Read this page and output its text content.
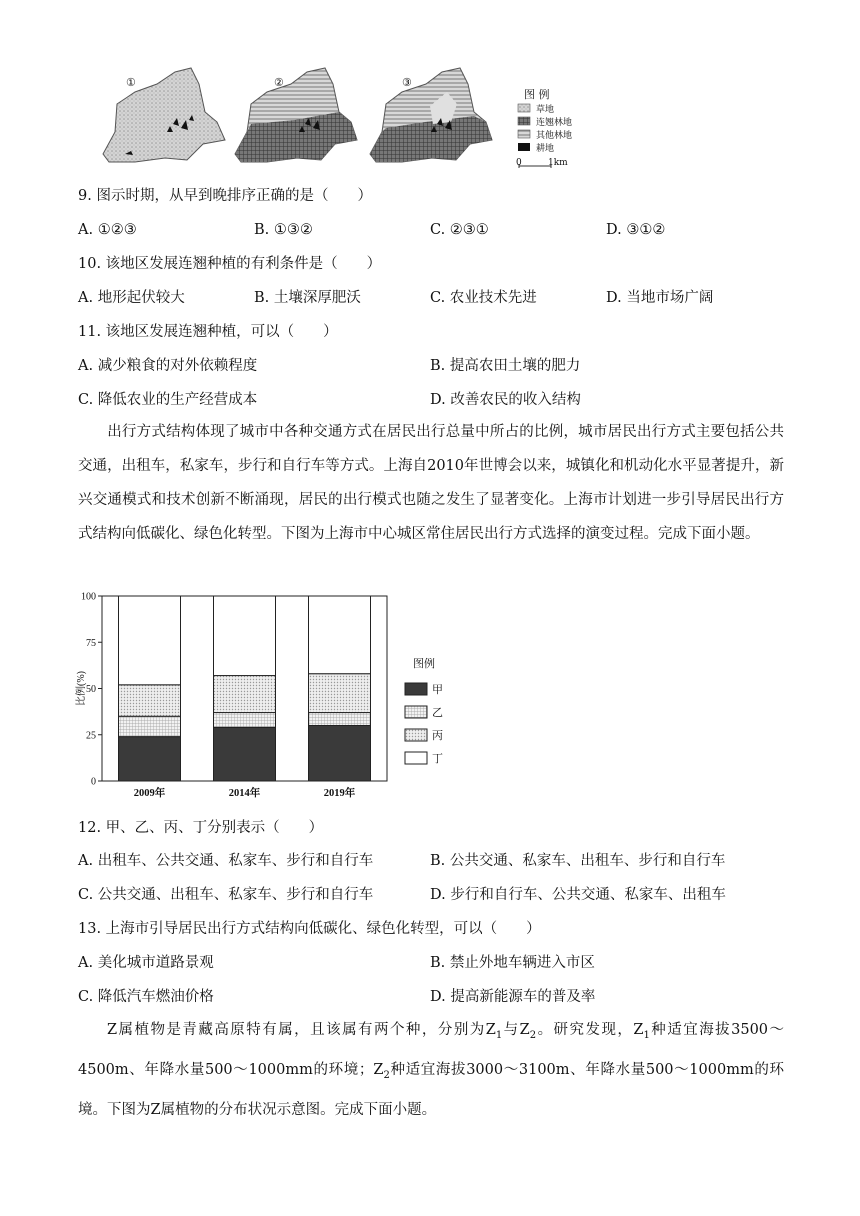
①	②	③
图 例
草地
连翘林地
其他林地
耕地
0	1km
9. 图示时期，从早到晚排序正确的是（　　）
A. ①②③	B. ①③②	C. ②③①	D. ③①②
10. 该地区发展连翘种植的有利条件是（　　）
A. 地形起伏较大	B. 土壤深厚肥沃	C. 农业技术先进	D. 当地市场广阔
11. 该地区发展连翘种植，可以（　　）
A. 减少粮食的对外依赖程度	B. 提高农田土壤的肥力
C. 降低农业的生产经营成本	D. 改善农民的收入结构
出行方式结构体现了城市中各种交通方式在居民出行总量中所占的比例，城市居民出行方式主要包括公共交通，出租车，私家车，步行和自行车等方式。上海自2010年世博会以来，城镇化和机动化水平显著提升，新兴交通模式和技术创新不断涌现，居民的出行模式也随之发生了显著变化。上海市计划进一步引导居民出行方式结构向低碳化、绿色化转型。下图为上海市中心城区常住居民出行方式选择的演变过程。完成下面小题。
0
25
50
75
100
比例(%)
2009年	2014年	2019年
图例
甲
乙
丙
丁
12. 甲、乙、丙、丁分别表示（　　）
A. 出租车、公共交通、私家车、步行和自行车	B. 公共交通、私家车、出租车、步行和自行车
C. 公共交通、出租车、私家车、步行和自行车	D. 步行和自行车、公共交通、私家车、出租车
13. 上海市引导居民出行方式结构向低碳化、绿色化转型，可以（　　）
A. 美化城市道路景观	B. 禁止外地车辆进入市区
C. 降低汽车燃油价格	D. 提高新能源车的普及率
Z属植物是青藏高原特有属，且该属有两个种，分别为$Z_1$与$Z_2$。研究发现，$Z_1$种适宜海拔3500～4500m、年降水量500～1000mm的环境；$Z_2$种适宜海拔3000～3100m、年降水量500～1000mm的环境。下图为Z属植物的分布状况示意图。完成下面小题。
